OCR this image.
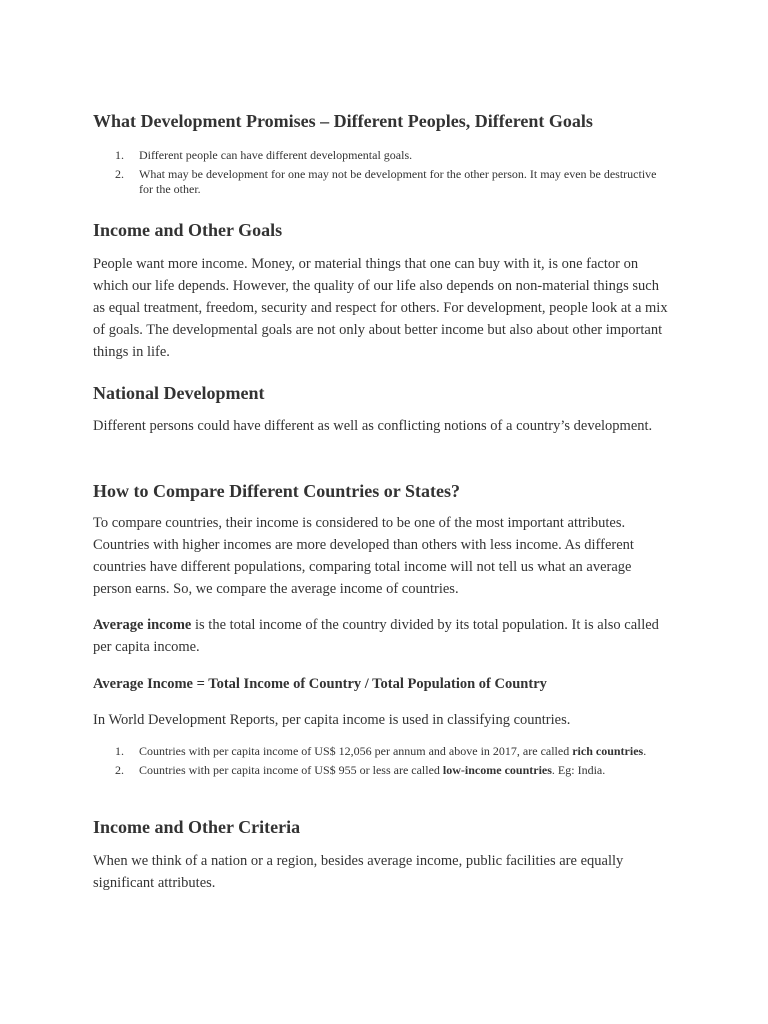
What Development Promises – Different Peoples, Different Goals
1. Different people can have different developmental goals.
2. What may be development for one may not be development for the other person. It may even be destructive for the other.
Income and Other Goals

People want more income. Money, or material things that one can buy with it, is one factor on which our life depends. However, the quality of our life also depends on non-material things such as equal treatment, freedom, security and respect for others. For development, people look at a mix of goals. The developmental goals are not only about better income but also about other important things in life.

National Development

Different persons could have different as well as conflicting notions of a country’s development.

How to Compare Different Countries or States?

To compare countries, their income is considered to be one of the most important attributes. Countries with higher incomes are more developed than others with less income. As different countries have different populations, comparing total income will not tell us what an average person earns. So, we compare the average income of countries.

Average income is the total income of the country divided by its total population. It is also called per capita income.

Average Income = Total Income of Country / Total Population of Country

In World Development Reports, per capita income is used in classifying countries.

1. Countries with per capita income of US$ 12,056 per annum and above in 2017, are called rich countries.
2. Countries with per capita income of US$ 955 or less are called low-income countries. Eg: India.
Income and Other Criteria

When we think of a nation or a region, besides average income, public facilities are equally significant attributes.
